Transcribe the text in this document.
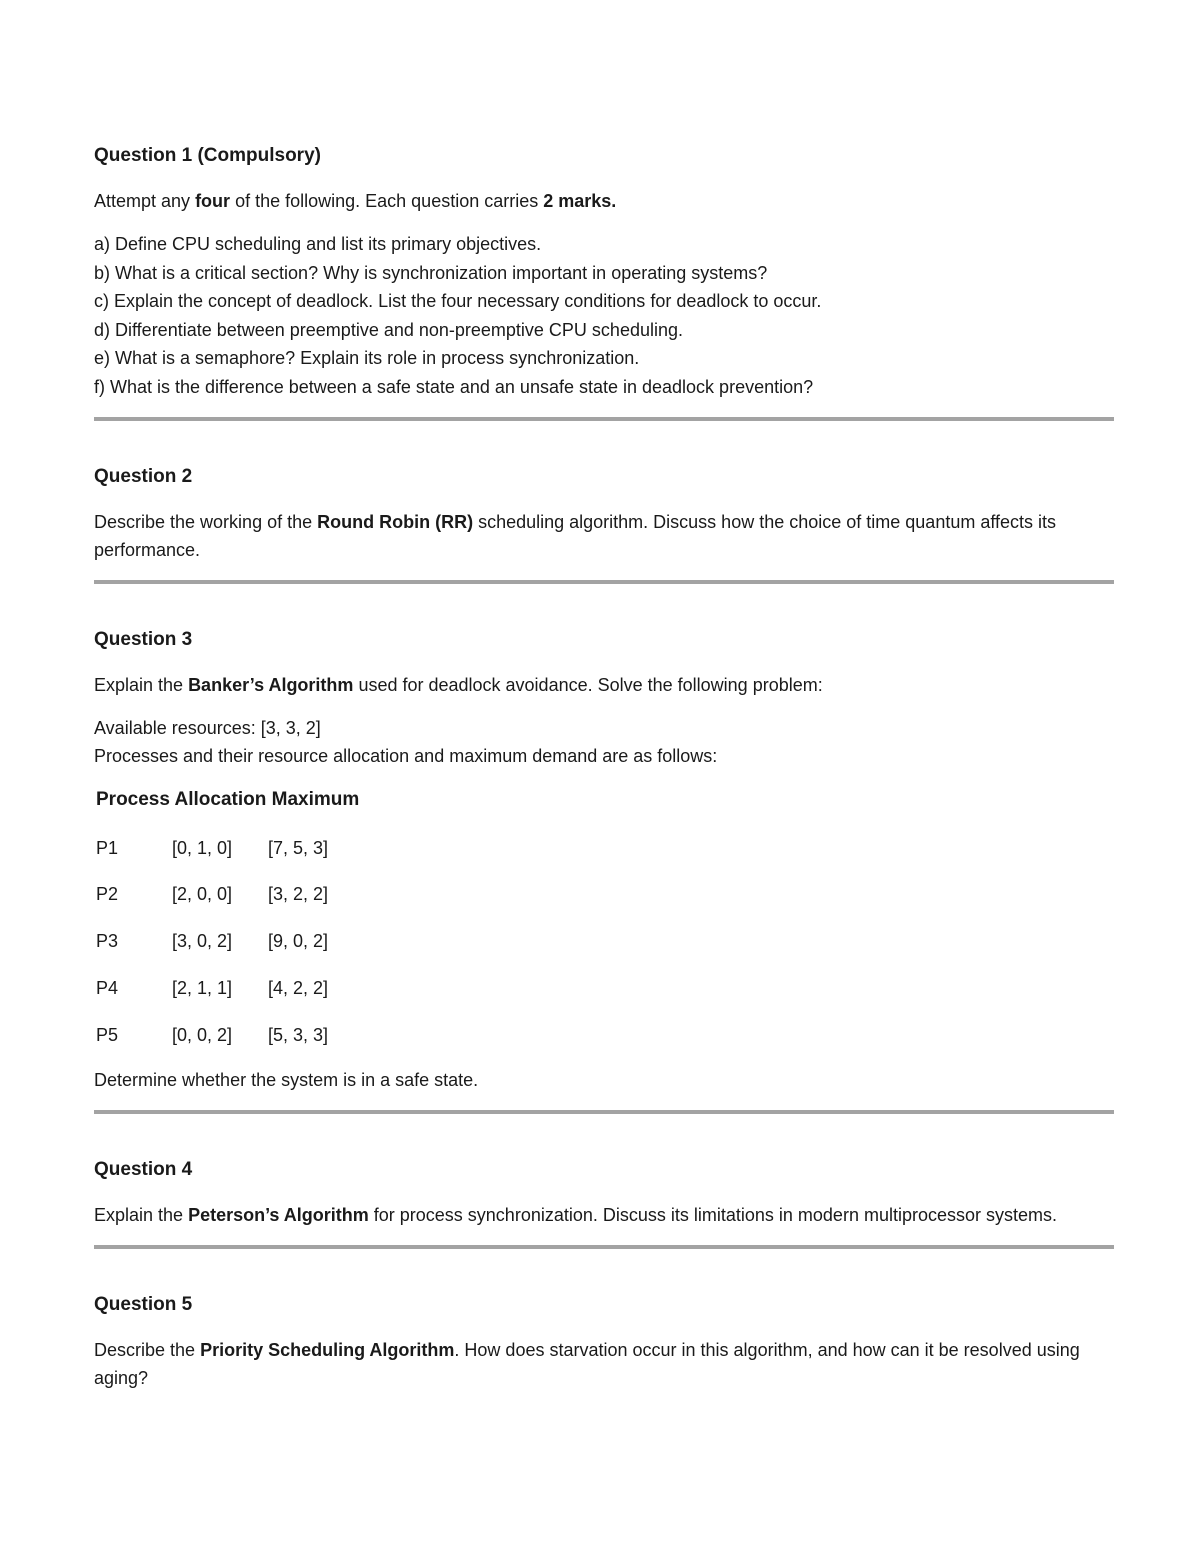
Question 1 (Compulsory)

Attempt any four of the following. Each question carries 2 marks.

a) Define CPU scheduling and list its primary objectives.

b) What is a critical section? Why is synchronization important in operating systems?

c) Explain the concept of deadlock. List the four necessary conditions for deadlock to occur.

d) Differentiate between preemptive and non-preemptive CPU scheduling.

e) What is a semaphore? Explain its role in process synchronization.

f) What is the difference between a safe state and an unsafe state in deadlock prevention?

Question 2

Describe the working of the Round Robin (RR) scheduling algorithm. Discuss how the choice of time quantum affects its performance.

Question 3

Explain the Banker’s Algorithm used for deadlock avoidance. Solve the following problem:

Available resources: [3, 3, 2]

Processes and their resource allocation and maximum demand are as follows:

Process Allocation Maximum

P1	[0, 1, 0]	[7, 5, 3]
P2	[2, 0, 0]	[3, 2, 2]
P3	[3, 0, 2]	[9, 0, 2]
P4	[2, 1, 1]	[4, 2, 2]
P5	[0, 0, 2]	[5, 3, 3]

Determine whether the system is in a safe state.

Question 4

Explain the Peterson’s Algorithm for process synchronization. Discuss its limitations in modern multiprocessor systems.

Question 5

Describe the Priority Scheduling Algorithm. How does starvation occur in this algorithm, and how can it be resolved using aging?
